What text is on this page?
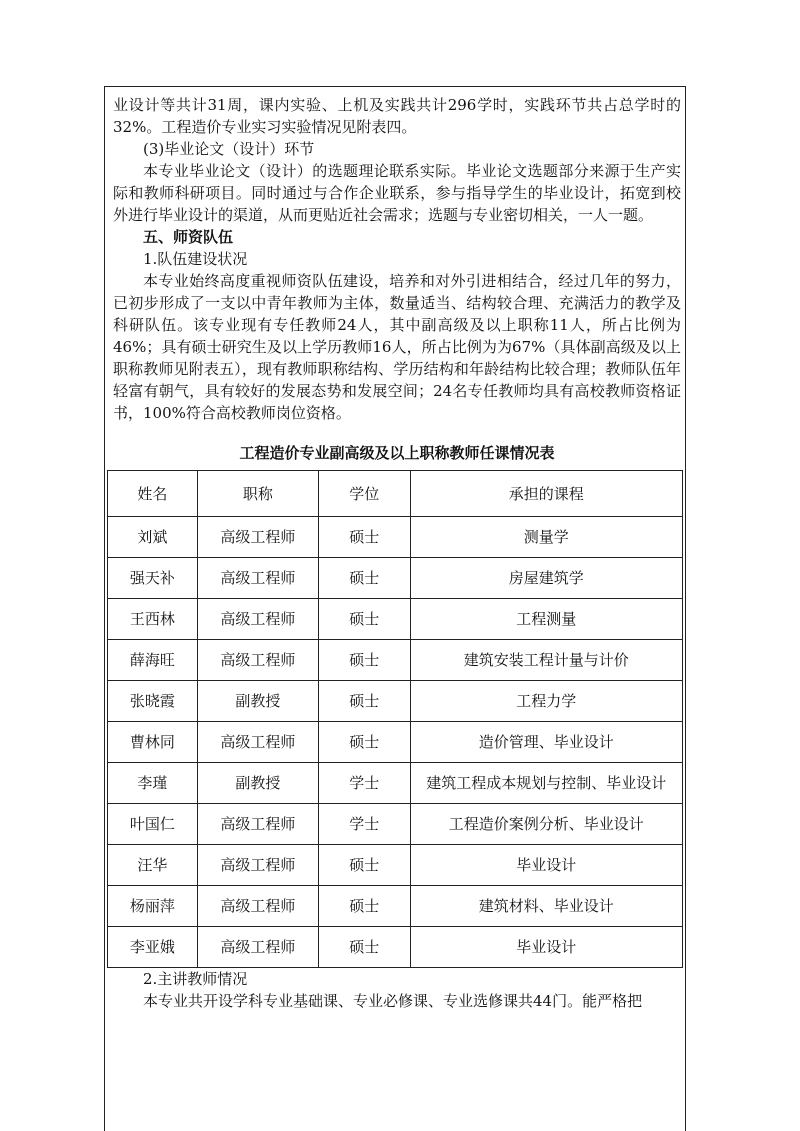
业设计等共计31周，课内实验、上机及实践共计296学时，实践环节共占总学时的32%。工程造价专业实习实验情况见附表四。

(3)毕业论文（设计）环节

本专业毕业论文（设计）的选题理论联系实际。毕业论文选题部分来源于生产实际和教师科研项目。同时通过与合作企业联系，参与指导学生的毕业设计，拓宽到校外进行毕业设计的渠道，从而更贴近社会需求；选题与专业密切相关，一人一题。

五、师资队伍

1.队伍建设状况

本专业始终高度重视师资队伍建设，培养和对外引进相结合，经过几年的努力，已初步形成了一支以中青年教师为主体，数量适当、结构较合理、充满活力的教学及科研队伍。该专业现有专任教师24人，其中副高级及以上职称11人，所占比例为46%；具有硕士研究生及以上学历教师16人，所占比例为为67%（具体副高级及以上职称教师见附表五），现有教师职称结构、学历结构和年龄结构比较合理；教师队伍年轻富有朝气，具有较好的发展态势和发展空间；24名专任教师均具有高校教师资格证书，100%符合高校教师岗位资格。

工程造价专业副高级及以上职称教师任课情况表
姓名	职称	学位	承担的课程
刘斌	高级工程师	硕士	测量学
强天补	高级工程师	硕士	房屋建筑学
王西林	高级工程师	硕士	工程测量
薛海旺	高级工程师	硕士	建筑安装工程计量与计价
张晓霞	副教授	硕士	工程力学
曹林同	高级工程师	硕士	造价管理、毕业设计
李瑾	副教授	学士	建筑工程成本规划与控制、毕业设计
叶国仁	高级工程师	学士	工程造价案例分析、毕业设计
汪华	高级工程师	硕士	毕业设计
杨丽萍	高级工程师	硕士	建筑材料、毕业设计
李亚娥	高级工程师	硕士	毕业设计

2.主讲教师情况

本专业共开设学科专业基础课、专业必修课、专业选修课共44门。能严格把
